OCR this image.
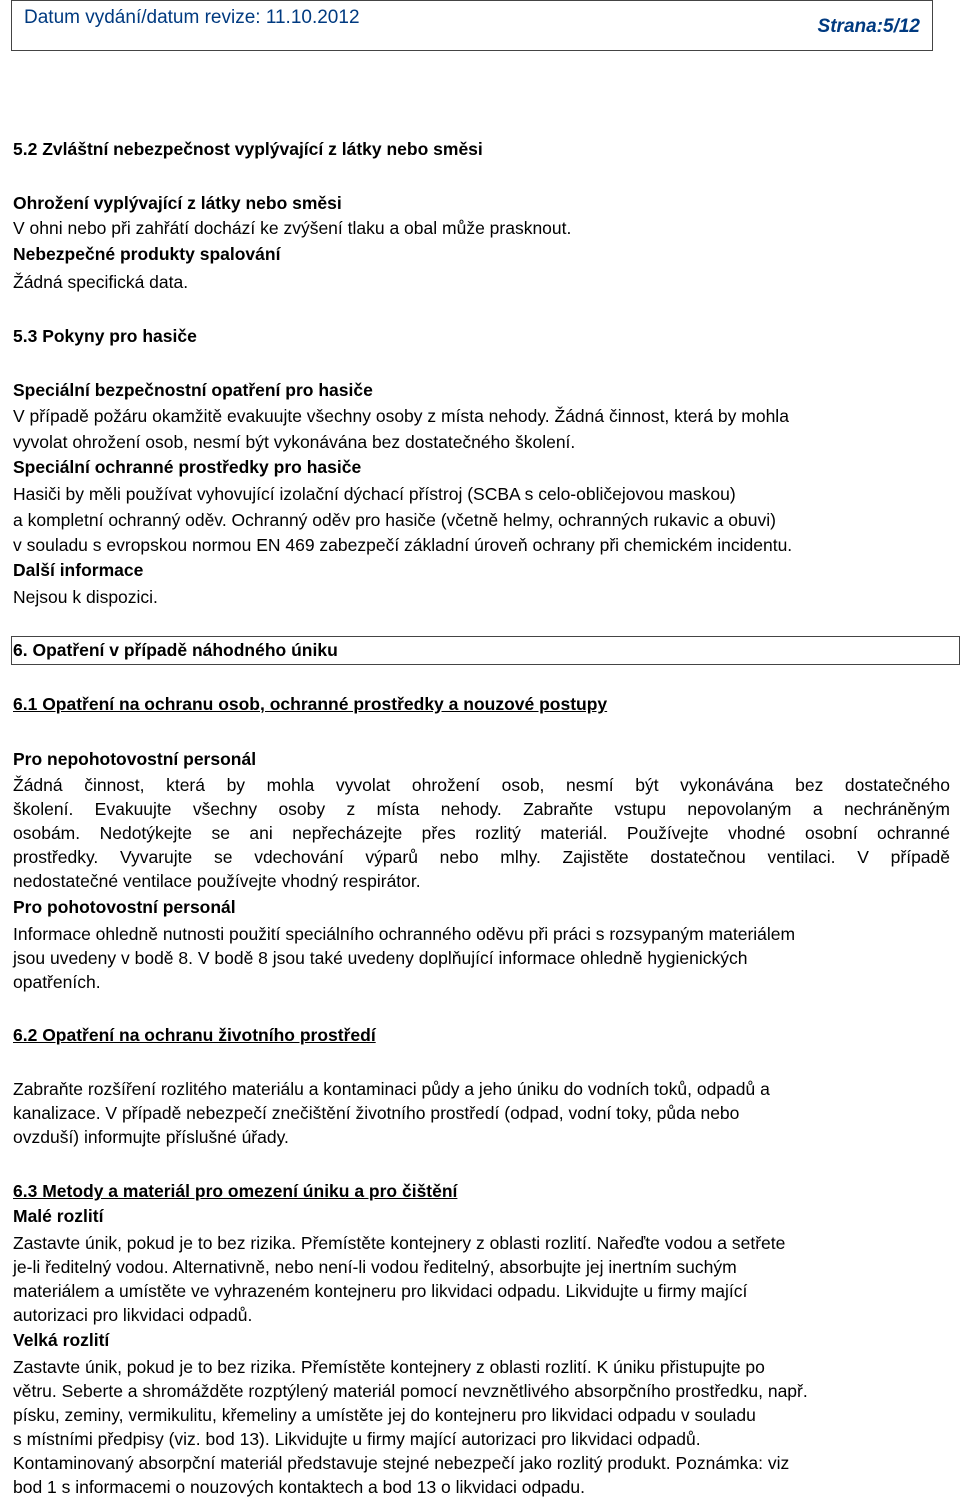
Datum vydání/datum revize: 11.10.2012	Strana:5/12
5.2 Zvláštní nebezpečnost vyplývající z látky nebo směsi
Ohrožení vyplývající z látky nebo směsi
V ohni nebo při zahřátí dochází ke zvýšení tlaku a obal může prasknout.
Nebezpečné produkty spalování
Žádná specifická data.
5.3 Pokyny pro hasiče
Speciální bezpečnostní opatření pro hasiče
V případě požáru okamžitě evakuujte všechny osoby z místa nehody. Žádná činnost, která by mohla
vyvolat ohrožení osob, nesmí být vykonávána bez dostatečného školení.
Speciální ochranné prostředky pro hasiče
Hasiči by měli používat vyhovující izolační dýchací přístroj (SCBA s celo-obličejovou maskou)
a kompletní ochranný oděv. Ochranný oděv pro hasiče (včetně helmy, ochranných rukavic a obuvi)
v souladu s evropskou normou EN 469 zabezpečí základní úroveň ochrany při chemickém incidentu.
Další informace
Nejsou k dispozici.
6. Opatření v případě náhodného úniku
6.1 Opatření na ochranu osob, ochranné prostředky a nouzové postupy
Pro nepohotovostní personál
Žádná činnost, která by mohla vyvolat ohrožení osob, nesmí být vykonávána bez dostatečného
školení. Evakuujte všechny osoby z místa nehody. Zabraňte vstupu nepovolaným a nechráněným
osobám. Nedotýkejte se ani nepřecházejte přes rozlitý materiál. Používejte vhodné osobní ochranné
prostředky. Vyvarujte se vdechování výparů nebo mlhy. Zajistěte dostatečnou ventilaci. V případě
nedostatečné ventilace používejte vhodný respirátor.
Pro pohotovostní personál
Informace ohledně nutnosti použití speciálního ochranného oděvu při práci s rozsypaným materiálem
jsou uvedeny v bodě 8. V bodě 8 jsou také uvedeny doplňující informace ohledně hygienických
opatřeních.
6.2 Opatření na ochranu životního prostředí
Zabraňte rozšíření rozlitého materiálu a kontaminaci půdy a jeho úniku do vodních toků, odpadů a
kanalizace. V případě nebezpečí znečištění životního prostředí (odpad, vodní toky, půda nebo
ovzduší) informujte příslušné úřady.
6.3 Metody a materiál pro omezení úniku a pro čištění
Malé rozlití
Zastavte únik, pokud je to bez rizika. Přemístěte kontejnery z oblasti rozlití. Nařeďte vodou a setřete
je-li ředitelný vodou. Alternativně, nebo není-li vodou ředitelný, absorbujte jej inertním suchým
materiálem a umístěte ve vyhrazeném kontejneru pro likvidaci odpadu. Likvidujte u firmy mající
autorizaci pro likvidaci odpadů.
Velká rozlití
Zastavte únik, pokud je to bez rizika. Přemístěte kontejnery z oblasti rozlití. K úniku přistupujte po
větru. Seberte a shromážděte rozptýlený materiál pomocí nevznětlivého absorpčního prostředku, např.
písku, zeminy, vermikulitu, křemeliny a umístěte jej do kontejneru pro likvidaci odpadu v souladu
s místními předpisy (viz. bod 13). Likvidujte u firmy mající autorizaci pro likvidaci odpadů.
Kontaminovaný absorpční materiál představuje stejné nebezpečí jako rozlitý produkt. Poznámka: viz
bod 1 s informacemi o nouzových kontaktech a bod 13 o likvidaci odpadu.
